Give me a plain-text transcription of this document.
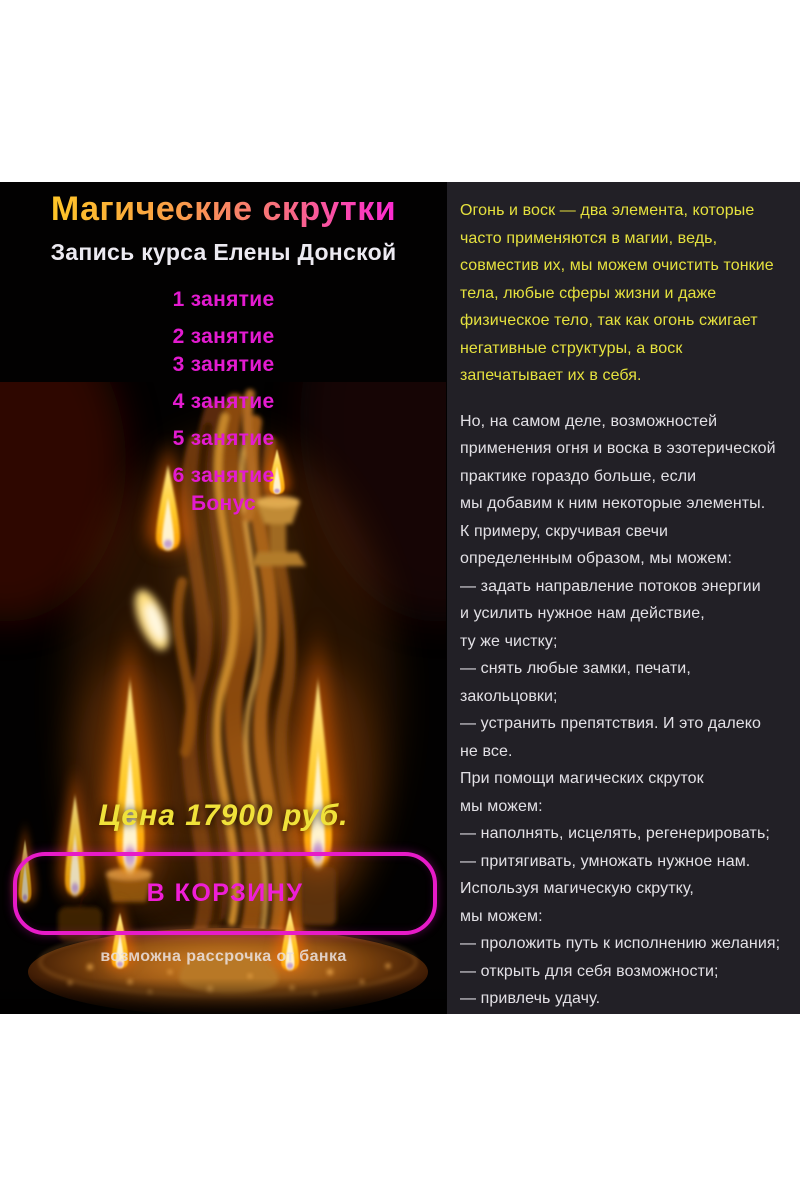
Магические скрутки
Запись курса Елены Донской
1 занятие
2 занятие
3 занятие
4 занятие
5 занятие
6 занятие
Бонус
Цена 17900 руб.
В КОРЗИНУ
возможна рассрочка от банка
Огонь и воск — два элемента, которые
часто применяются в магии, ведь,
совместив их, мы можем очистить тонкие
тела, любые сферы жизни и даже
физическое тело, так как огонь сжигает
негативные структуры, а воск
запечатывает их в себя.
Но, на самом деле, возможностей
применения огня и воска в эзотерической
практике гораздо больше, если
мы добавим к ним некоторые элементы.
К примеру, скручивая свечи
определенным образом, мы можем:
— задать направление потоков энергии
и усилить нужное нам действие,
ту же чистку;
— снять любые замки, печати,
закольцовки;
— устранить препятствия. И это далеко
не все.
При помощи магических скруток
мы можем:
— наполнять, исцелять, регенерировать;
— притягивать, умножать нужное нам.
Используя магическую скрутку,
мы можем:
— проложить путь к исполнению желания;
— открыть для себя возможности;
— привлечь удачу.
